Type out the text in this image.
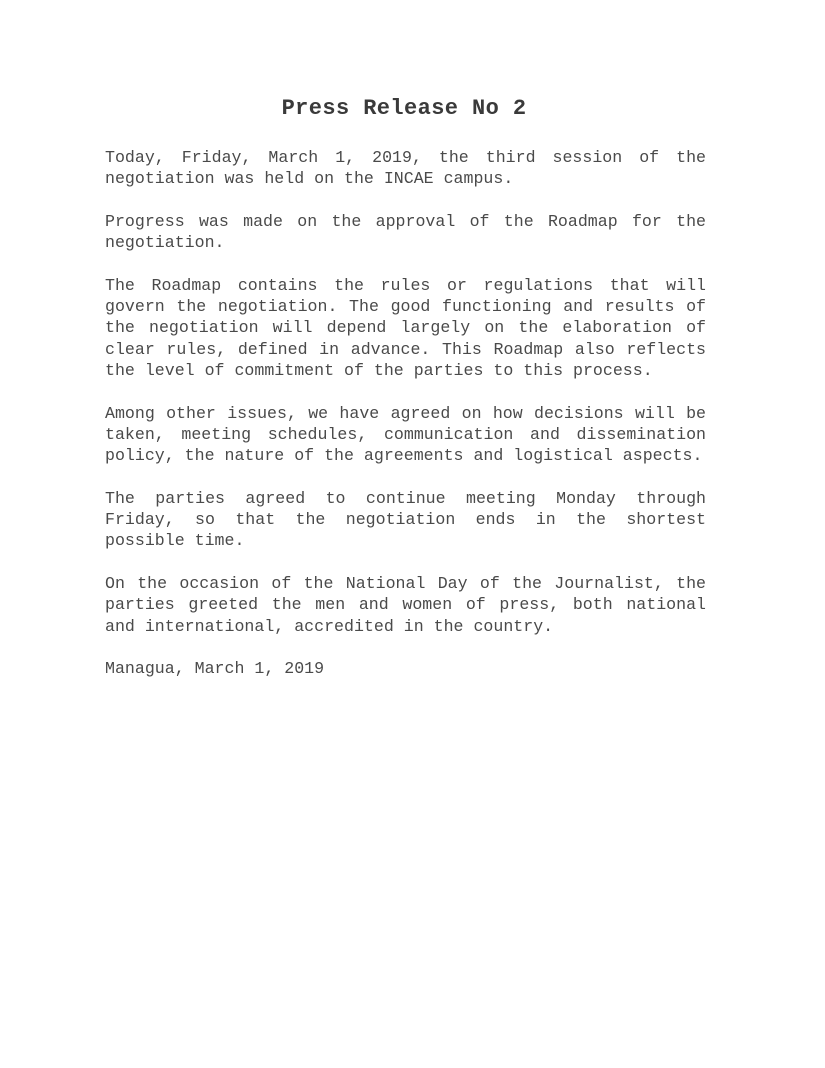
Press Release No 2

Today, Friday, March 1, 2019, the third session of the negotiation was held on the INCAE campus.

Progress was made on the approval of the Roadmap for the negotiation.

The Roadmap contains the rules or regulations that will govern the negotiation. The good functioning and results of the negotiation will depend largely on the elaboration of clear rules, defined in advance. This Roadmap also reflects the level of commitment of the parties to this process.

Among other issues, we have agreed on how decisions will be taken, meeting schedules, communication and dissemination policy, the nature of the agreements and logistical aspects.

The parties agreed to continue meeting Monday through Friday, so that the negotiation ends in the shortest possible time.

On the occasion of the National Day of the Journalist, the parties greeted the men and women of press, both national and international, accredited in the country.

Managua, March 1, 2019
